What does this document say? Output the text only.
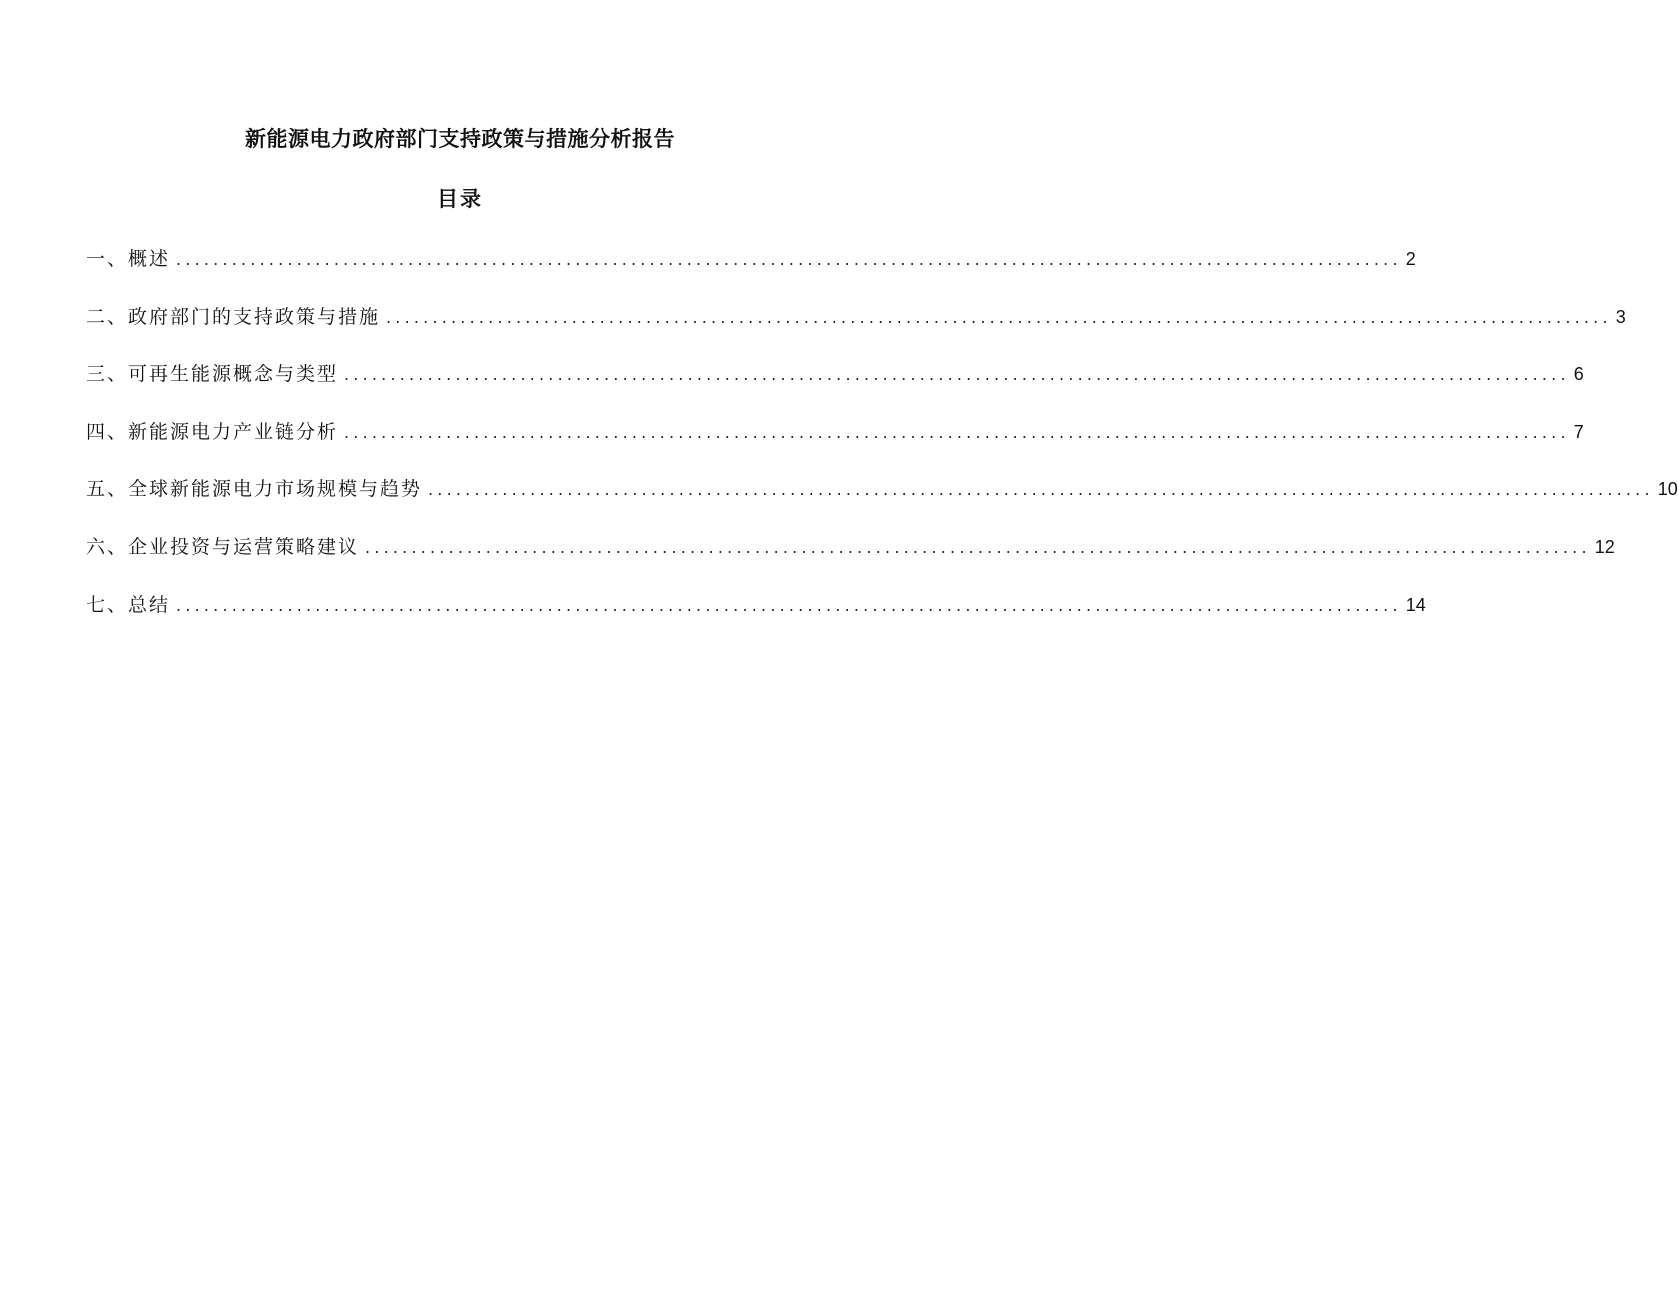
新能源电力政府部门支持政策与措施分析报告
目录
一、概述 .................................................................................................................................... 2
二、政府部门的支持政策与措施 .................................................................................................................................... 3
三、可再生能源概念与类型 .................................................................................................................................... 6
四、新能源电力产业链分析 .................................................................................................................................... 7
五、全球新能源电力市场规模与趋势 .................................................................................................................................... 10
六、企业投资与运营策略建议 .................................................................................................................................... 12
七、总结 .................................................................................................................................... 14
